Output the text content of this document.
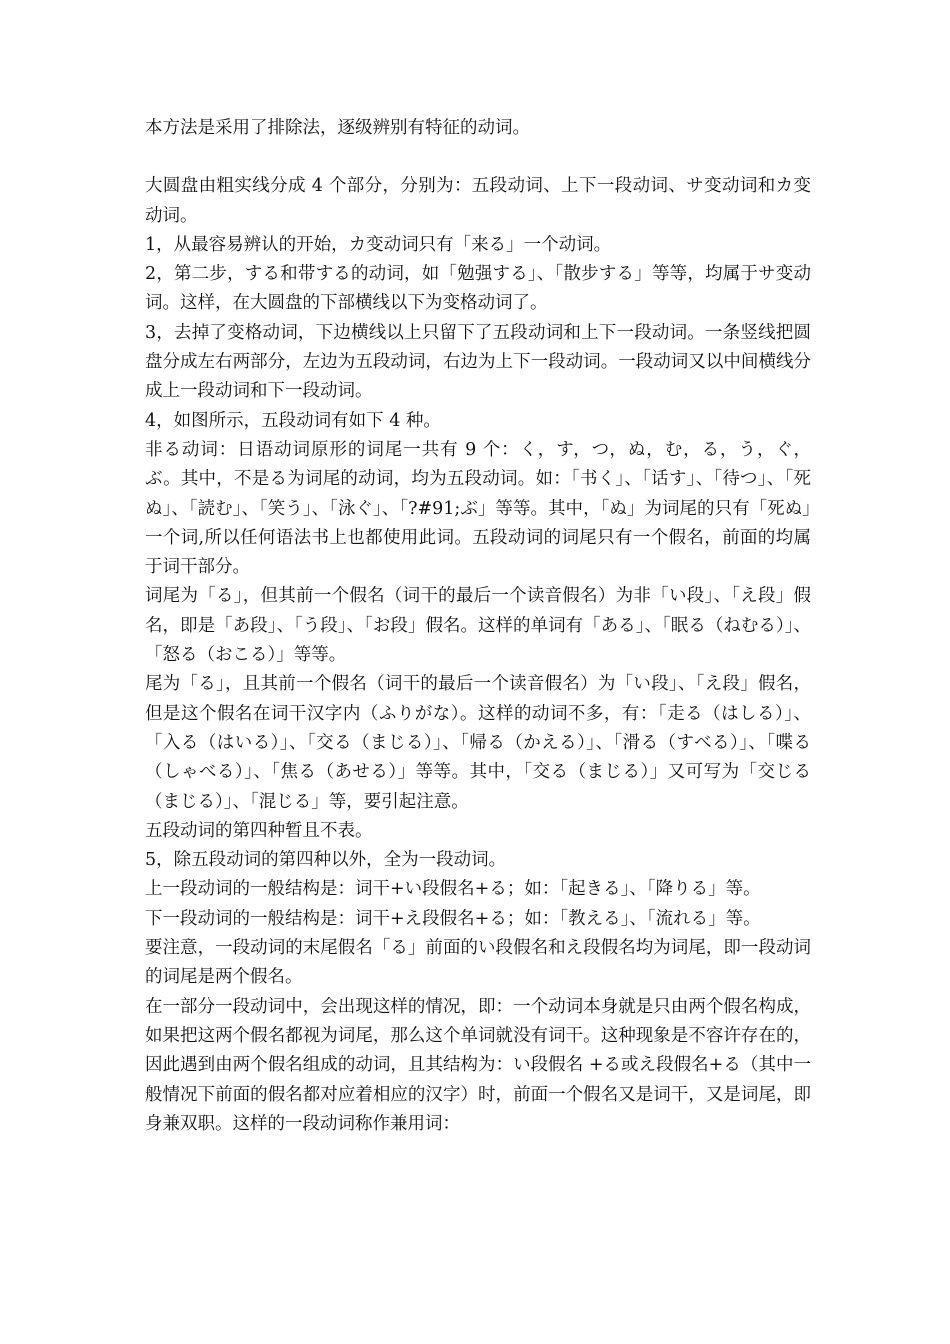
本方法是采用了排除法，逐级辨别有特征的动词。

大圆盘由粗实线分成 4 个部分，分别为：五段动词、上下一段动词、サ变动词和カ变动词。

1，从最容易辨认的开始，カ变动词只有「来る」一个动词。

2，第二步，する和带する的动词，如「勉强する」、「散步する」等等，均属于サ变动词。这样，在大圆盘的下部横线以下为变格动词了。

3，去掉了变格动词，下边横线以上只留下了五段动词和上下一段动词。一条竖线把圆盘分成左右两部分，左边为五段动词，右边为上下一段动词。一段动词又以中间横线分成上一段动词和下一段动词。

4，如图所示，五段动词有如下 4 种。

非る动词：日语动词原形的词尾一共有 9 个：く，す，つ，ぬ，む，る，う，ぐ，ぶ。其中，不是る为词尾的动词，均为五段动词。如：「书く」、「话す」、「待つ」、「死ぬ」、「読む」、「笑う」、「泳ぐ」、「?#91;ぶ」等等。其中，「ぬ」为词尾的只有「死ぬ」一个词,所以任何语法书上也都使用此词。五段动词的词尾只有一个假名，前面的均属于词干部分。

词尾为「る」，但其前一个假名（词干的最后一个读音假名）为非「い段」、「え段」假名，即是「あ段」、「う段」、「お段」假名。这样的单词有「ある」、「眠る（ねむる）」、「怒る（おこる）」等等。

尾为「る」，且其前一个假名（词干的最后一个读音假名）为「い段」、「え段」假名，但是这个假名在词干汉字内（ふりがな）。这样的动词不多，有：「走る（はしる）」、「入る（はいる）」、「交る（まじる）」、「帰る（かえる）」、「滑る（すべる）」、「喋る（しゃべる）」、「焦る（あせる）」等等。其中，「交る（まじる）」又可写为「交じる（まじる）」、「混じる」等，要引起注意。

五段动词的第四种暂且不表。

5，除五段动词的第四种以外，全为一段动词。

上一段动词的一般结构是：词干+い段假名+る；如：「起きる」、「降りる」等。

下一段动词的一般结构是：词干+え段假名+る；如：「教える」、「流れる」等。

要注意，一段动词的末尾假名「る」前面的い段假名和え段假名均为词尾，即一段动词的词尾是两个假名。

在一部分一段动词中，会出现这样的情况，即：一个动词本身就是只由两个假名构成，如果把这两个假名都视为词尾，那么这个单词就没有词干。这种现象是不容许存在的，因此遇到由两个假名组成的动词，且其结构为：い段假名 +る或え段假名+る（其中一般情况下前面的假名都对应着相应的汉字）时，前面一个假名又是词干，又是词尾，即身兼双职。这样的一段动词称作兼用词：
